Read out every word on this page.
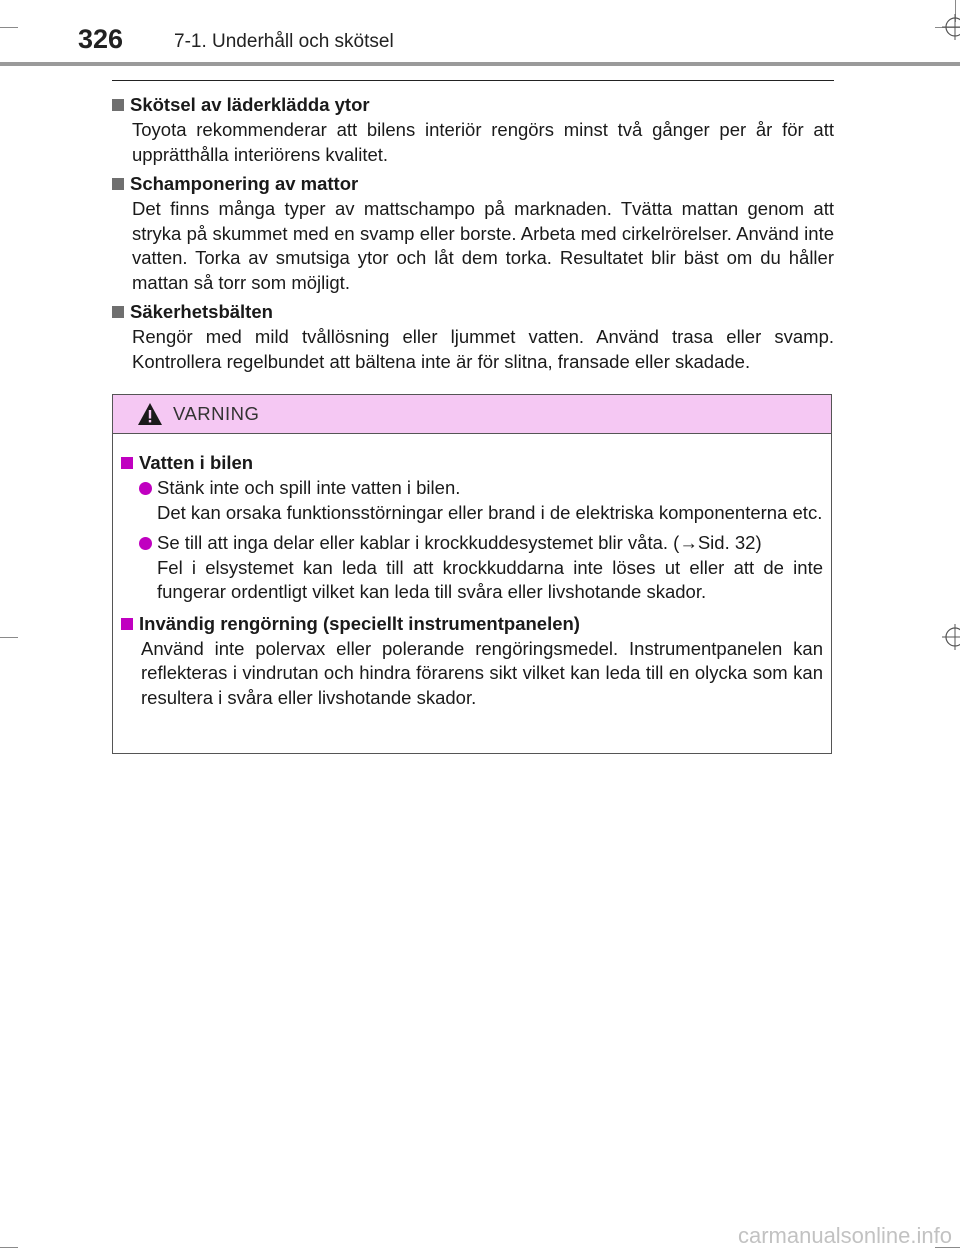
326	7-1. Underhåll och skötsel

Skötsel av läderklädda ytor

Toyota rekommenderar att bilens interiör rengörs minst två gånger per år för att upprätthålla interiörens kvalitet.

Schamponering av mattor

Det finns många typer av mattschampo på marknaden. Tvätta mattan genom att stryka på skummet med en svamp eller borste. Arbeta med cirkelrörelser. Använd inte vatten. Torka av smutsiga ytor och låt dem torka. Resultatet blir bäst om du håller mattan så torr som möjligt.

Säkerhetsbälten

Rengör med mild tvållösning eller ljummet vatten. Använd trasa eller svamp. Kontrollera regelbundet att bältena inte är för slitna, fransade eller skadade.

VARNING

Vatten i bilen

Stänk inte och spill inte vatten i bilen.
Det kan orsaka funktionsstörningar eller brand i de elektriska komponenterna etc.
Se till att inga delar eller kablar i krockkuddesystemet blir våta. (→Sid. 32)
Fel i elsystemet kan leda till att krockkuddarna inte löses ut eller att de inte fungerar ordentligt vilket kan leda till svåra eller livshotande skador.

Invändig rengörning (speciellt instrumentpanelen)

Använd inte polervax eller polerande rengöringsmedel. Instrumentpanelen kan reflekteras i vindrutan och hindra förarens sikt vilket kan leda till en olycka som kan resultera i svåra eller livshotande skador.

carmanualsonline.info
